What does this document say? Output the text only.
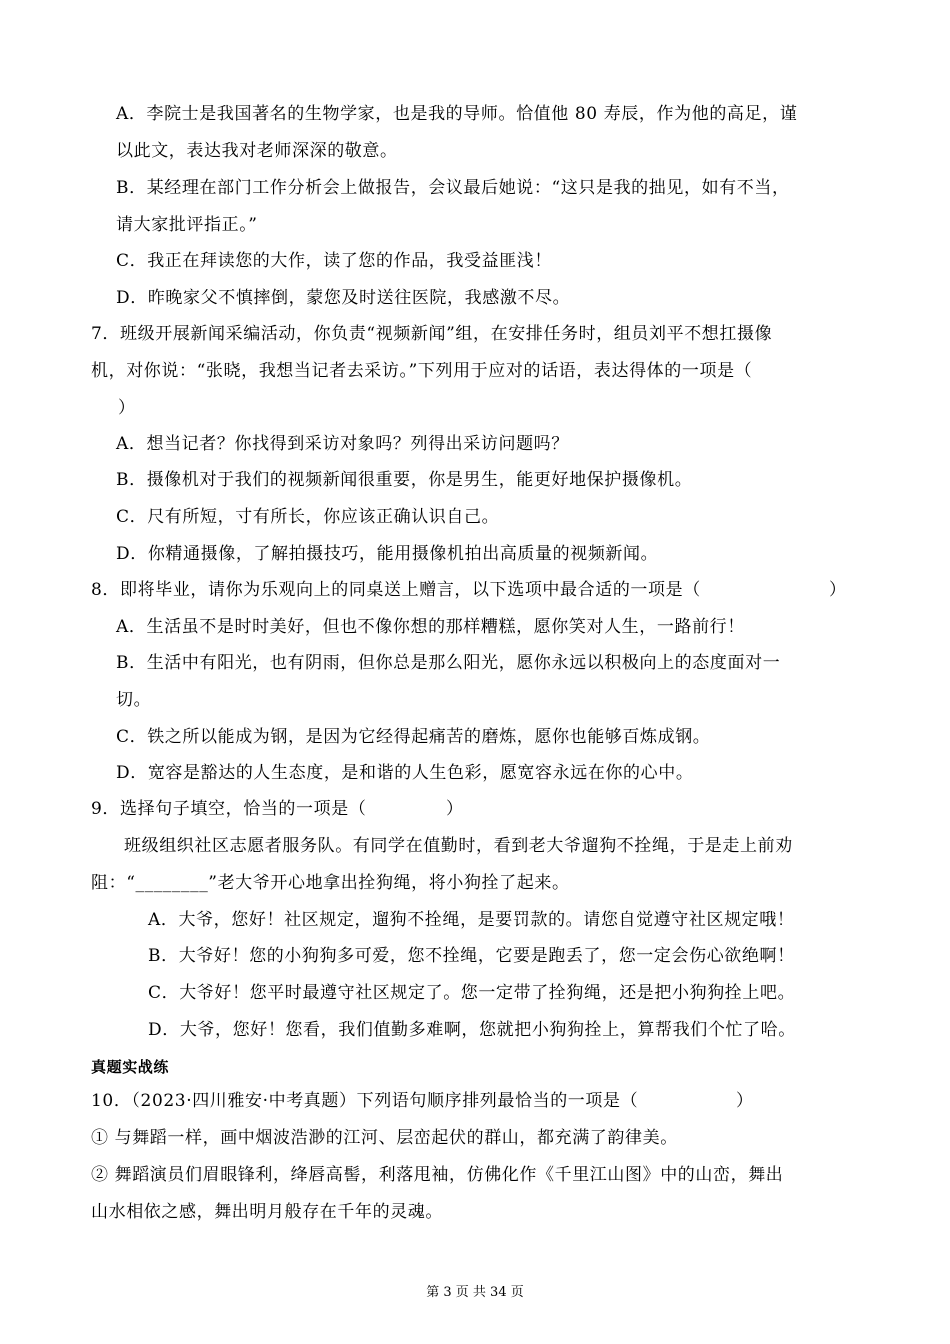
A．李院士是我国著名的生物学家，也是我的导师。恰值他 80 寿辰，作为他的高足，谨
以此文，表达我对老师深深的敬意。
B．某经理在部门工作分析会上做报告，会议最后她说：“这只是我的拙见，如有不当，
请大家批评指正。”
C．我正在拜读您的大作，读了您的作品，我受益匪浅！
D．昨晚家父不慎摔倒，蒙您及时送往医院，我感激不尽。
7．班级开展新闻采编活动，你负责“视频新闻”组，在安排任务时，组员刘平不想扛摄像
机，对你说：“张晓，我想当记者去采访。”下列用于应对的话语，表达得体的一项是（
）
A．想当记者？你找得到采访对象吗？列得出采访问题吗？
B．摄像机对于我们的视频新闻很重要，你是男生，能更好地保护摄像机。
C．尺有所短，寸有所长，你应该正确认识自己。
D．你精通摄像，了解拍摄技巧，能用摄像机拍出高质量的视频新闻。
8．即将毕业，请你为乐观向上的同桌送上赠言，以下选项中最合适的一项是（	）
A．生活虽不是时时美好，但也不像你想的那样糟糕，愿你笑对人生，一路前行！
B．生活中有阳光，也有阴雨，但你总是那么阳光，愿你永远以积极向上的态度面对一
切。
C．铁之所以能成为钢，是因为它经得起痛苦的磨炼，愿你也能够百炼成钢。
D．宽容是豁达的人生态度，是和谐的人生色彩，愿宽容永远在你的心中。
9．选择句子填空，恰当的一项是（	）
班级组织社区志愿者服务队。有同学在值勤时，看到老大爷遛狗不拴绳，于是走上前劝
阻：“________”老大爷开心地拿出拴狗绳，将小狗拴了起来。
A．大爷，您好！社区规定，遛狗不拴绳，是要罚款的。请您自觉遵守社区规定哦！
B．大爷好！您的小狗狗多可爱，您不拴绳，它要是跑丢了，您一定会伤心欲绝啊！
C．大爷好！您平时最遵守社区规定了。您一定带了拴狗绳，还是把小狗狗拴上吧。
D．大爷，您好！您看，我们值勤多难啊，您就把小狗狗拴上，算帮我们个忙了哈。
真题实战练
10．（2023·四川雅安·中考真题）下列语句顺序排列最恰当的一项是（	）
① 与舞蹈一样，画中烟波浩渺的江河、层峦起伏的群山，都充满了韵律美。
② 舞蹈演员们眉眼锋利，绛唇高髻，利落甩袖，仿佛化作《千里江山图》中的山峦，舞出
山水相依之感，舞出明月般存在千年的灵魂。
第 3 页 共 34 页
